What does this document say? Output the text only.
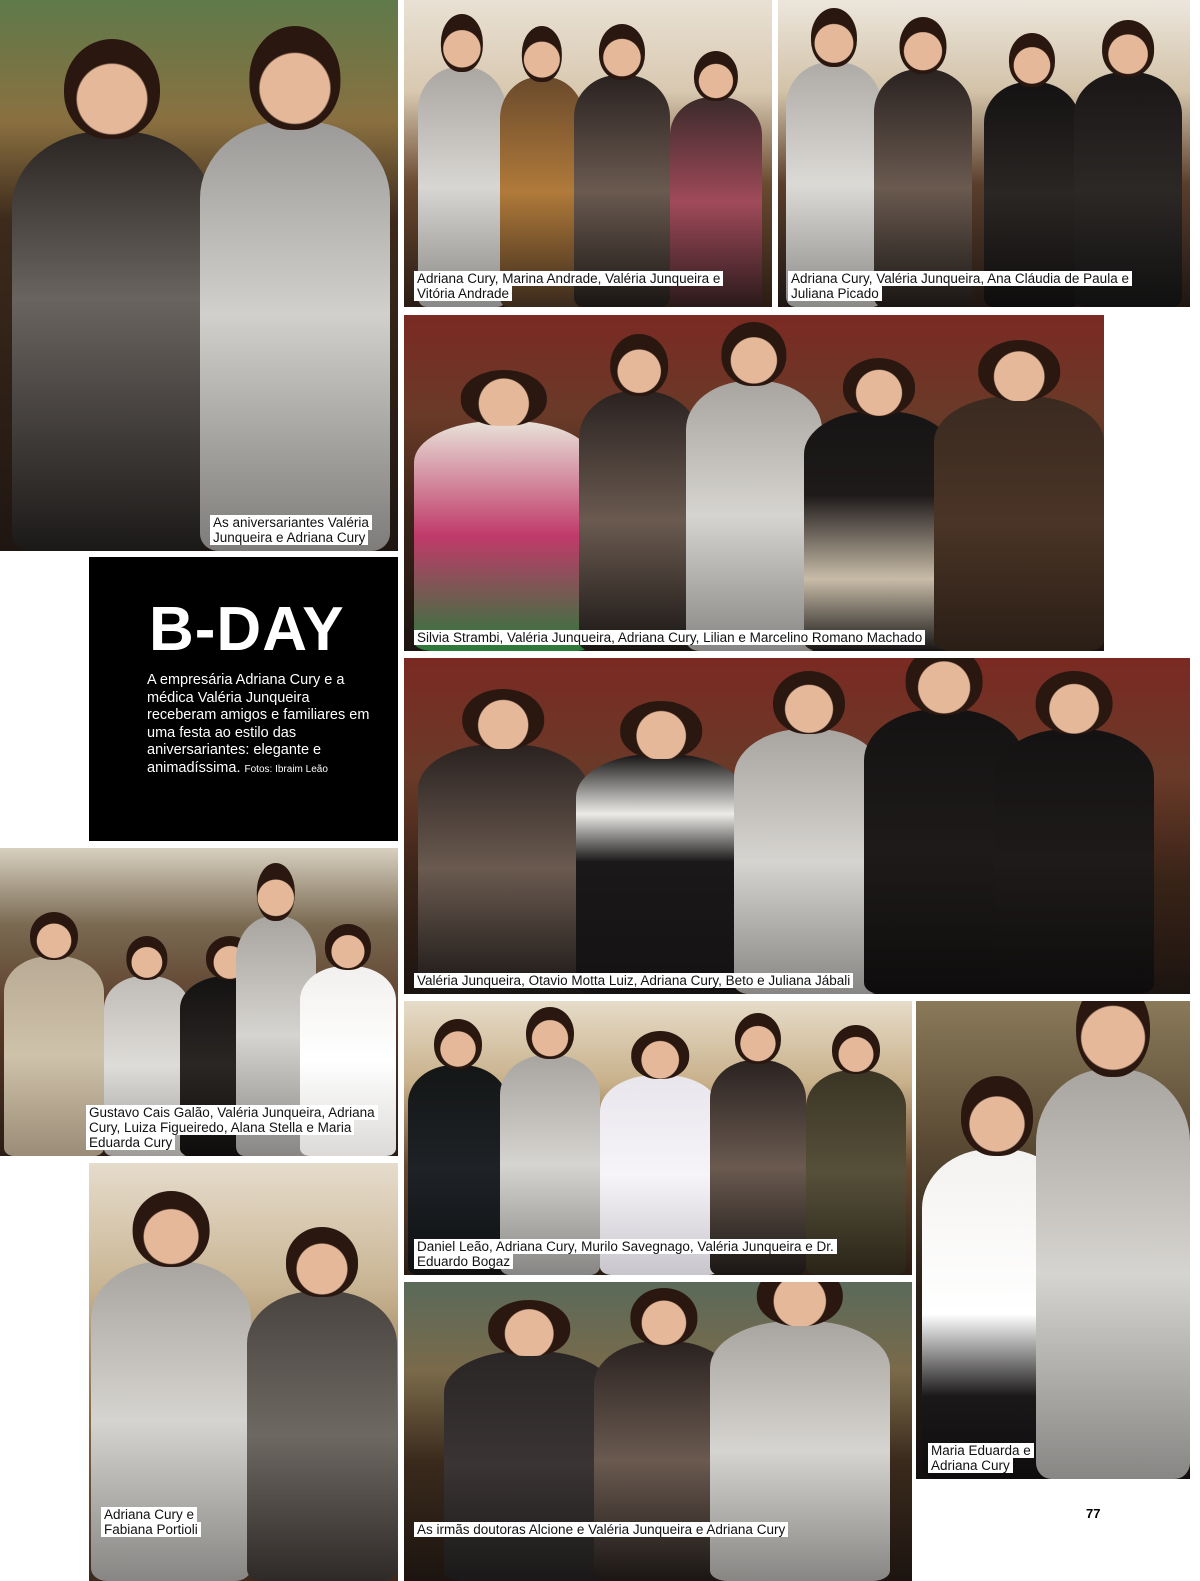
As aniversariantes Valéria Junqueira e Adriana Cury
Adriana Cury, Marina Andrade, Valéria Junqueira e Vitória Andrade
Adriana Cury, Valéria Junqueira, Ana Cláudia de Paula e Juliana Picado
Silvia Strambi, Valéria Junqueira, Adriana Cury, Lilian e Marcelino Romano Machado
B-DAY

A empresária Adriana Cury e a médica Valéria Junqueira receberam amigos e familiares em uma festa ao estilo das aniversariantes: elegante e animadíssima. Fotos: Ibraim Leão

Valéria Junqueira, Otavio Motta Luiz, Adriana Cury, Beto e Juliana Jábali
Gustavo Cais Galão, Valéria Junqueira, Adriana Cury, Luiza Figueiredo, Alana Stella e Maria Eduarda Cury
Daniel Leão, Adriana Cury, Murilo Savegnago, Valéria Junqueira e Dr. Eduardo Bogaz
Maria Eduarda e Adriana Cury
Adriana Cury e Fabiana Portioli	As irmãs doutoras Alcione e Valéria Junqueira e Adriana Cury
77
